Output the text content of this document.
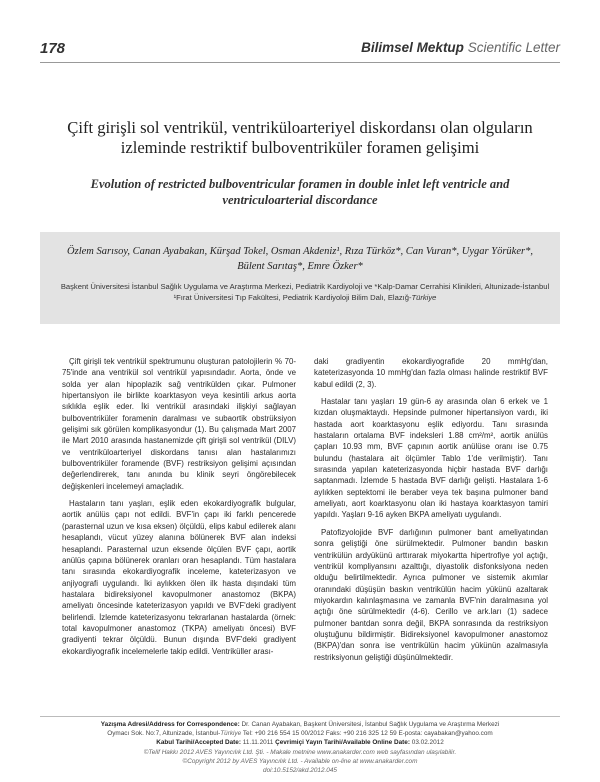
178	Bilimsel Mektup Scientific Letter
Çift girişli sol ventrikül, ventriküloarteriyel diskordansı olan olguların
izleminde restriktif bulboventriküler foramen gelişimi
Evolution of restricted bulboventricular foramen in double inlet left ventricle and
ventriculoarterial discordance
Özlem Sarısoy, Canan Ayabakan, Kürşad Tokel, Osman Akdeniz¹, Rıza Türköz*, Can Vuran*, Uygar Yörüker*,
Bülent Sarıtaş*, Emre Özker*
Başkent Üniversitesi İstanbul Sağlık Uygulama ve Araştırma Merkezi, Pediatrik Kardiyoloji ve *Kalp-Damar Cerrahisi Klinikleri, Altunizade-İstanbul
¹Fırat Üniversitesi Tıp Fakültesi, Pediatrik Kardiyoloji Bilim Dalı, Elazığ-Türkiye

Çift girişli tek ventrikül spektrumunu oluşturan patolojilerin % 70-75'inde ana ventrikül sol ventrikül yapısındadır. Aorta, önde ve solda yer alan hipoplazik sağ ventrikülden çıkar. Pulmoner hipertansiyon ile birlikte koarktasyon veya kesintili arkus aorta sıklıkla eşlik eder. İki ventrikül arasındaki ilişkiyi sağlayan bulboventriküler foramenin daralması ve subaortik obstrüksiyon gelişimi sık görülen komplikasyondur (1). Bu çalışmada Mart 2007 ile Mart 2010 arasında hastanemizde çift girişli sol ventrikül (DILV) ve ventriküloarteriyel diskordans tanısı alan hastalarımızı bulboventriküler foramende (BVF) restriksiyon gelişimi açısından değerlendirerek, tanı anında bu klinik seyri öngörebilecek değişkenleri incelemeyi amaçladık.

Hastaların tanı yaşları, eşlik eden ekokardiyografik bulgular, aortik anülüs çapı not edildi. BVF'in çapı iki farklı pencerede (parasternal uzun ve kısa eksen) ölçüldü, elips kabul edilerek alanı hesaplandı, vücut yüzey alanına bölünerek BVF alan indeksi hesaplandı. Parasternal uzun eksende ölçülen BVF çapı, aortik anülüs çapına bölünerek oranları oran hesaplandı. Tüm hastalara tanı sırasında ekokardiyografik inceleme, kateterizasyon ve anjiyografi uygulandı. İki aylıkken ölen ilk hasta dışındaki tüm hastalara bidireksiyonel kavopulmoner anastomoz (BKPA) ameliyatı öncesinde kateterizasyon yapıldı ve BVF'deki gradiyent belirlendi. İzlemde kateterizasyonu tekrarlanan hastalarda (örnek: total kavopulmoner anastomoz (TKPA) ameliyatı öncesi) BVF gradiyenti tekrar ölçüldü. Bunun dışında BVF'deki gradiyent ekokardiyografik incelemelerle takip edildi. Ventriküller arası-

daki gradiyentin ekokardiyografide 20 mmHg'dan, kateterizasyonda 10 mmHg'dan fazla olması halinde restriktif BVF kabul edildi (2, 3).

Hastalar tanı yaşları 19 gün-6 ay arasında olan 6 erkek ve 1 kızdan oluşmaktaydı. Hepsinde pulmoner hipertansiyon vardı, iki hastada aort koarktasyonu eşlik ediyordu. Tanı sırasında hastaların ortalama BVF indeksleri 1.88 cm²/m², aortik anülüs çapları 10.93 mm, BVF çapının aortik anülüse oranı ise 0.75 bulundu (hastalara ait ölçümler Tablo 1'de verilmiştir). Tanı sırasında yapılan kateterizasyonda hiçbir hastada BVF darlığı saptanmadı. İzlemde 5 hastada BVF darlığı gelişti. Hastalara 1-6 aylıkken septektomi ile beraber veya tek başına pulmoner band ameliyatı, aort koarktasyonu olan iki hastaya koarktasyon tamiri yapıldı. Yaşları 9-16 ayken BKPA ameliyatı uygulandı.

Patofizyolojide BVF darlığının pulmoner bant ameliyatından sonra geliştiği öne sürülmektedir. Pulmoner bandın baskın ventrikülün ardyükünü arttırarak miyokartta hipertrofiye yol açtığı, ventrikül kompliyansını azalttığı, diyastolik disfonksiyona neden olduğu belirtilmektedir. Ayrıca pulmoner ve sistemik akımlar oranındaki düşüşün baskın ventrikülün hacim yükünü azaltarak miyokardın kalınlaşmasına ve zamanla BVF'nin daralmasına yol açtığı öne sürülmektedir (4-6). Cerillo ve ark.ları (1) sadece pulmoner bantdan sonra değil, BKPA sonrasında da restriksiyon oluştuğunu bildirmiştir. Bidireksiyonel kavopulmoner anastomoz (BKPA)'dan sonra ise ventrikülün hacim yükünün azalmasıyla restriksiyonun geliştiği düşünülmektedir.

Yazışma Adresi/Address for Correspondence: Dr. Canan Ayabakan, Başkent Üniversitesi, İstanbul Sağlık Uygulama ve Araştırma Merkezi
Oymacı Sok. No:7, Altunizade, İstanbul-Türkiye Tel: +90 216 554 15 00/2012 Faks: +90 216 325 12 59 E-posta: cayabakan@yahoo.com
Kabul Tarihi/Accepted Date: 11.11.2011 Çevrimiçi Yayın Tarihi/Available Online Date: 03.02.2012
©Telif Hakkı 2012 AVES Yayıncılık Ltd. Şti. - Makale metnine www.anakarder.com web sayfasından ulaşılabilir.
©Copyright 2012 by AVES Yayıncılık Ltd. - Available on-line at www.anakarder.com
doi:10.5152/akd.2012.045
